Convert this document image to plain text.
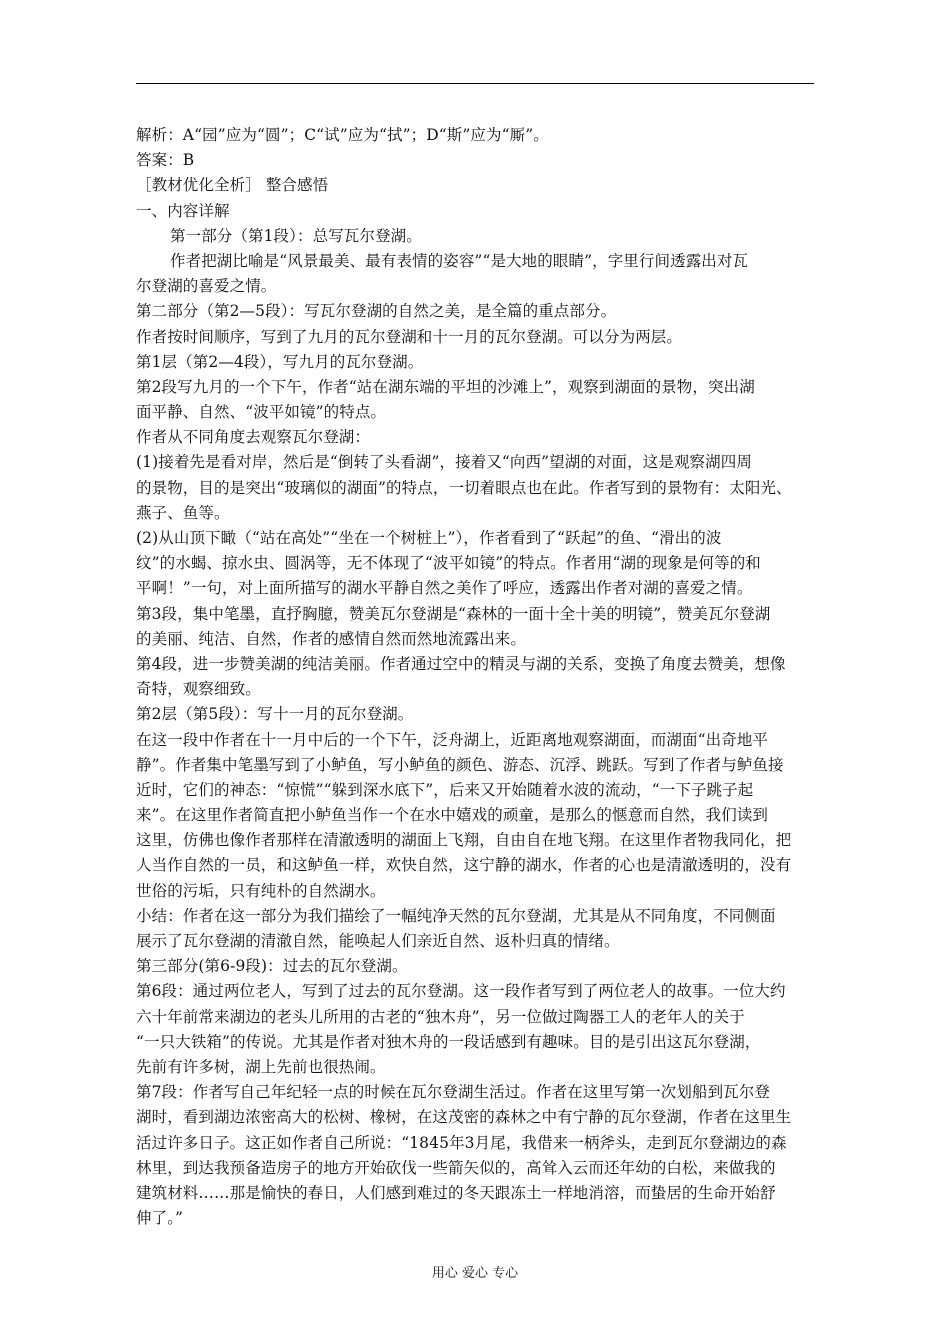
解析：A“园”应为“圆”；C“试”应为“拭”；D“斯”应为“厮”。
答案：B
［教材优化全析］ 整合感悟
一、内容详解
第一部分（第1段）：总写瓦尔登湖。
作者把湖比喻是“风景最美、最有表情的姿容”“是大地的眼睛”，字里行间透露出对瓦
尔登湖的喜爱之情。
第二部分（第2—5段）：写瓦尔登湖的自然之美，是全篇的重点部分。
作者按时间顺序，写到了九月的瓦尔登湖和十一月的瓦尔登湖。可以分为两层。
第1层（第2—4段），写九月的瓦尔登湖。
第2段写九月的一个下午，作者“站在湖东端的平坦的沙滩上”，观察到湖面的景物，突出湖
面平静、自然、“波平如镜”的特点。
作者从不同角度去观察瓦尔登湖：
(1)接着先是看对岸，然后是“倒转了头看湖”，接着又“向西”望湖的对面，这是观察湖四周
的景物，目的是突出“玻璃似的湖面”的特点，一切着眼点也在此。作者写到的景物有：太阳光、
燕子、鱼等。
(2)从山顶下瞰（“站在高处”“坐在一个树桩上”），作者看到了“跃起”的鱼、“滑出的波
纹”的水蝎、掠水虫、圆涡等，无不体现了“波平如镜”的特点。作者用“湖的现象是何等的和
平啊！”一句，对上面所描写的湖水平静自然之美作了呼应，透露出作者对湖的喜爱之情。
第3段，集中笔墨，直抒胸臆，赞美瓦尔登湖是“森林的一面十全十美的明镜”，赞美瓦尔登湖
的美丽、纯洁、自然，作者的感情自然而然地流露出来。
第4段，进一步赞美湖的纯洁美丽。作者通过空中的精灵与湖的关系，变换了角度去赞美，想像
奇特，观察细致。
第2层（第5段）：写十一月的瓦尔登湖。
在这一段中作者在十一月中后的一个下午，泛舟湖上，近距离地观察湖面，而湖面“出奇地平
静”。作者集中笔墨写到了小鲈鱼，写小鲈鱼的颜色、游态、沉浮、跳跃。写到了作者与鲈鱼接
近时，它们的神态：“惊慌”“躲到深水底下”，后来又开始随着水波的流动，“一下子跳子起
来”。在这里作者简直把小鲈鱼当作一个在水中嬉戏的顽童，是那么的惬意而自然，我们读到
这里，仿佛也像作者那样在清澈透明的湖面上飞翔，自由自在地飞翔。在这里作者物我同化，把
人当作自然的一员，和这鲈鱼一样，欢快自然，这宁静的湖水，作者的心也是清澈透明的，没有
世俗的污垢，只有纯朴的自然湖水。
小结：作者在这一部分为我们描绘了一幅纯净天然的瓦尔登湖，尤其是从不同角度，不同侧面
展示了瓦尔登湖的清澈自然，能唤起人们亲近自然、返朴归真的情绪。
第三部分(第6-9段)：过去的瓦尔登湖。
第6段：通过两位老人，写到了过去的瓦尔登湖。这一段作者写到了两位老人的故事。一位大约
六十年前常来湖边的老头儿所用的古老的“独木舟”，另一位做过陶器工人的老年人的关于
“一只大铁箱”的传说。尤其是作者对独木舟的一段话感到有趣味。目的是引出这瓦尔登湖，
先前有许多树，湖上先前也很热闹。
第7段：作者写自己年纪轻一点的时候在瓦尔登湖生活过。作者在这里写第一次划船到瓦尔登
湖时，看到湖边浓密高大的松树、橡树，在这茂密的森林之中有宁静的瓦尔登湖，作者在这里生
活过许多日子。这正如作者自己所说：“1845年3月尾，我借来一柄斧头，走到瓦尔登湖边的森
林里，到达我预备造房子的地方开始砍伐一些箭矢似的，高耸入云而还年幼的白松，来做我的
建筑材料……那是愉快的春日，人们感到难过的冬天跟冻土一样地消溶，而蛰居的生命开始舒
伸了。”
用心 爱心 专心
